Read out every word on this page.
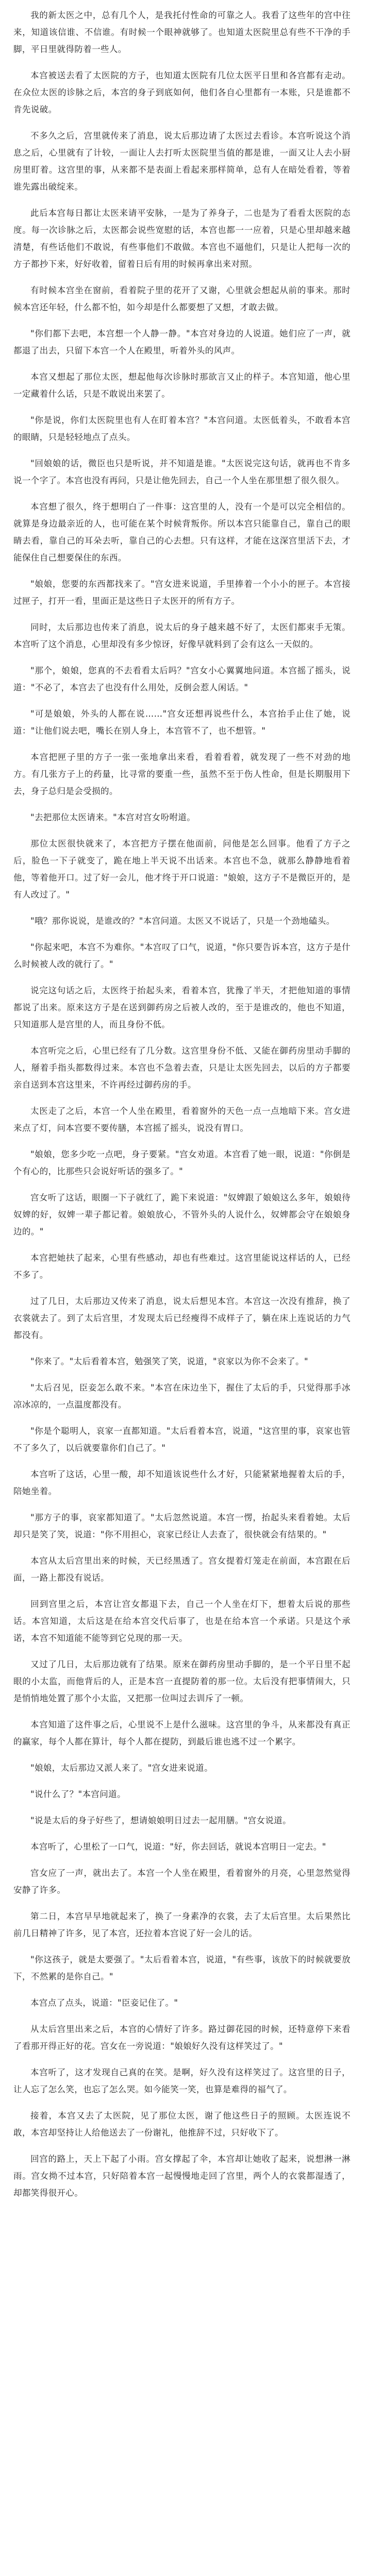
我的新太医之中，总有几个人，是我托付性命的可靠之人。我看了这些年的宫中往来，知道该信谁、不信谁。有时候一个眼神就够了。也知道太医院里总有些不干净的手脚，平日里就得防着一些人。

本宫被送去看了太医院的方子，也知道太医院有几位太医平日里和各宫都有走动。在众位太医的诊脉之后，本宫的身子到底如何，他们各自心里都有一本账，只是谁都不肯先说破。

不多久之后，宫里就传来了消息，说太后那边请了太医过去看诊。本宫听说这个消息之后，心里就有了计较，一面让人去打听太医院里当值的都是谁，一面又让人去小厨房里盯着。这宫里的事，从来都不是表面上看起来那样简单，总有人在暗处看着，等着谁先露出破绽来。

此后本宫每日都让太医来请平安脉，一是为了养身子，二也是为了看看太医院的态度。每一次诊脉之后，太医都会说些宽慰的话，本宫也都一一应着，只是心里却越来越清楚，有些话他们不敢说，有些事他们不敢做。本宫也不逼他们，只是让人把每一次的方子都抄下来，好好收着，留着日后有用的时候再拿出来对照。

有时候本宫坐在窗前，看着院子里的花开了又谢，心里就会想起从前的事来。那时候本宫还年轻，什么都不怕，如今却是什么都要想了又想，才敢去做。

"你们都下去吧，本宫想一个人静一静。"本宫对身边的人说道。她们应了一声，就都退了出去，只留下本宫一个人在殿里，听着外头的风声。

本宫又想起了那位太医，想起他每次诊脉时那欲言又止的样子。本宫知道，他心里一定藏着什么话，只是不敢说出来罢了。

"你是说，你们太医院里也有人在盯着本宫？"本宫问道。太医低着头，不敢看本宫的眼睛，只是轻轻地点了点头。

"回娘娘的话，微臣也只是听说，并不知道是谁。"太医说完这句话，就再也不肯多说一个字了。本宫也没有再问，只是让他先回去，自己一个人坐在那里想了很久很久。

本宫想了很久，终于想明白了一件事：这宫里的人，没有一个是可以完全相信的。就算是身边最亲近的人，也可能在某个时候背叛你。所以本宫只能靠自己，靠自己的眼睛去看，靠自己的耳朵去听，靠自己的心去想。只有这样，才能在这深宫里活下去，才能保住自己想要保住的东西。

"娘娘，您要的东西都找来了。"宫女进来说道，手里捧着一个小小的匣子。本宫接过匣子，打开一看，里面正是这些日子太医开的所有方子。

同时，太后那边也传来了消息，说太后的身子越来越不好了，太医们都束手无策。本宫听了这个消息，心里却没有多少惊讶，好像早就料到了会有这么一天似的。

"那个，娘娘，您真的不去看看太后吗？"宫女小心翼翼地问道。本宫摇了摇头，说道："不必了，本宫去了也没有什么用处，反倒会惹人闲话。"

"可是娘娘，外头的人都在说……"宫女还想再说些什么，本宫抬手止住了她，说道："让他们说去吧，嘴长在别人身上，本宫管不了，也不想管。"

本宫把匣子里的方子一张一张地拿出来看，看着看着，就发现了一些不对劲的地方。有几张方子上的药量，比寻常的要重一些，虽然不至于伤人性命，但是长期服用下去，身子总归是会受损的。

"去把那位太医请来。"本宫对宫女吩咐道。

那位太医很快就来了，本宫把方子摆在他面前，问他是怎么回事。他看了方子之后，脸色一下子就变了，跪在地上半天说不出话来。本宫也不急，就那么静静地看着他，等着他开口。过了好一会儿，他才终于开口说道："娘娘，这方子不是微臣开的，是有人改过了。"

"哦？那你说说，是谁改的？"本宫问道。太医又不说话了，只是一个劲地磕头。

"你起来吧，本宫不为难你。"本宫叹了口气，说道，"你只要告诉本宫，这方子是什么时候被人改的就行了。"

说完这句话之后，太医终于抬起头来，看着本宫，犹豫了半天，才把他知道的事情都说了出来。原来这方子是在送到御药房之后被人改的，至于是谁改的，他也不知道，只知道那人是宫里的人，而且身份不低。

本宫听完之后，心里已经有了几分数。这宫里身份不低、又能在御药房里动手脚的人，掰着手指头都数得过来。本宫也不急着去查，只是让太医先回去，以后的方子都要亲自送到本宫这里来，不许再经过御药房的手。

太医走了之后，本宫一个人坐在殿里，看着窗外的天色一点一点地暗下来。宫女进来点了灯，问本宫要不要传膳，本宫摇了摇头，说没有胃口。

"娘娘，您多少吃一点吧，身子要紧。"宫女劝道。本宫看了她一眼，说道："你倒是个有心的，比那些只会说好听话的强多了。"

宫女听了这话，眼圈一下子就红了，跪下来说道："奴婢跟了娘娘这么多年，娘娘待奴婢的好，奴婢一辈子都记着。娘娘放心，不管外头的人说什么，奴婢都会守在娘娘身边的。"

本宫把她扶了起来，心里有些感动，却也有些难过。这宫里能说这样话的人，已经不多了。

过了几日，太后那边又传来了消息，说太后想见本宫。本宫这一次没有推辞，换了衣裳就去了。到了太后宫里，才发现太后已经瘦得不成样子了，躺在床上连说话的力气都没有。

"你来了。"太后看着本宫，勉强笑了笑，说道，"哀家以为你不会来了。"

"太后召见，臣妾怎么敢不来。"本宫在床边坐下，握住了太后的手，只觉得那手冰凉冰凉的，一点温度都没有。

"你是个聪明人，哀家一直都知道。"太后看着本宫，说道，"这宫里的事，哀家也管不了多久了，以后就要靠你们自己了。"

本宫听了这话，心里一酸，却不知道该说些什么才好，只能紧紧地握着太后的手，陪她坐着。

"那方子的事，哀家都知道了。"太后忽然说道。本宫一愣，抬起头来看着她。太后却只是笑了笑，说道："你不用担心，哀家已经让人去查了，很快就会有结果的。"

本宫从太后宫里出来的时候，天已经黑透了。宫女提着灯笼走在前面，本宫跟在后面，一路上都没有说话。

回到宫里之后，本宫让宫女都退下去，自己一个人坐在灯下，想着太后说的那些话。本宫知道，太后这是在给本宫交代后事了，也是在给本宫一个承诺。只是这个承诺，本宫不知道能不能等到它兑现的那一天。

又过了几日，太后那边就有了结果。原来在御药房里动手脚的，是一个平日里不起眼的小太监，而他背后的人，正是本宫一直提防着的那一位。太后没有把事情闹大，只是悄悄地处置了那个小太监，又把那一位叫过去训斥了一顿。

本宫知道了这件事之后，心里说不上是什么滋味。这宫里的争斗，从来都没有真正的赢家，每个人都在算计，每个人都在提防，到最后谁也逃不过一个累字。

"娘娘，太后那边又派人来了。"宫女进来说道。

"说什么了？"本宫问道。

"说是太后的身子好些了，想请娘娘明日过去一起用膳。"宫女说道。

本宫听了，心里松了一口气，说道："好，你去回话，就说本宫明日一定去。"

宫女应了一声，就出去了。本宫一个人坐在殿里，看着窗外的月亮，心里忽然觉得安静了许多。

第二日，本宫早早地就起来了，换了一身素净的衣裳，去了太后宫里。太后果然比前几日精神了许多，见了本宫，还拉着本宫说了好一会儿的话。

"你这孩子，就是太要强了。"太后看着本宫，说道，"有些事，该放下的时候就要放下，不然累的是你自己。"

本宫点了点头，说道："臣妾记住了。"

从太后宫里出来之后，本宫的心情好了许多。路过御花园的时候，还特意停下来看了看那开得正好的花。宫女在一旁说道："娘娘好久没有这样笑过了。"

本宫听了，这才发现自己真的在笑。是啊，好久没有这样笑过了。这宫里的日子，让人忘了怎么笑，也忘了怎么哭。如今能笑一笑，也算是难得的福气了。

接着，本宫又去了太医院，见了那位太医，谢了他这些日子的照顾。太医连说不敢，本宫却坚持让人给他送去了一份谢礼，他推辞不过，只好收下了。

回宫的路上，天上下起了小雨。宫女撑起了伞，本宫却让她收了起来，说想淋一淋雨。宫女拗不过本宫，只好陪着本宫一起慢慢地走回了宫里，两个人的衣裳都湿透了，却都笑得很开心。
